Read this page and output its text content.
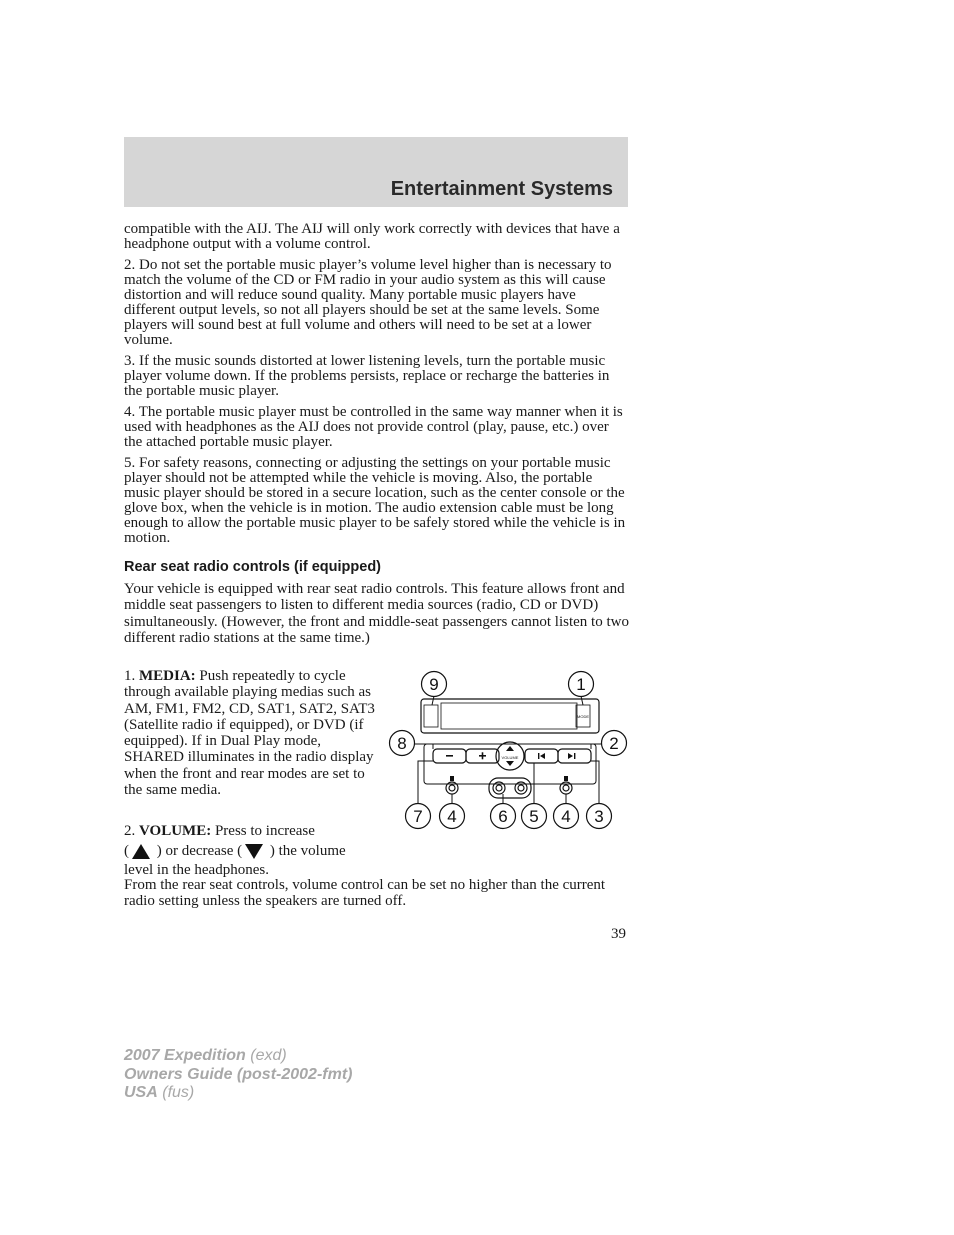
Entertainment Systems

compatible with the AIJ. The AIJ will only work correctly with devices that have a headphone output with a volume control.

2. Do not set the portable music player’s volume level higher than is necessary to match the volume of the CD or FM radio in your audio system as this will cause distortion and will reduce sound quality. Many portable music players have different output levels, so not all players should be set at the same levels. Some players will sound best at full volume and others will need to be set at a lower volume.

3. If the music sounds distorted at lower listening levels, turn the portable music player volume down. If the problems persists, replace or recharge the batteries in the portable music player.

4. The portable music player must be controlled in the same way manner when it is used with headphones as the AIJ does not provide control (play, pause, etc.) over the attached portable music player.

5. For safety reasons, connecting or adjusting the settings on your portable music player should not be attempted while the vehicle is moving. Also, the portable music player should be stored in a secure location, such as the center console or the glove box, when the vehicle is in motion. The audio extension cable must be long enough to allow the portable music player to be safely stored while the vehicle is in motion.

Rear seat radio controls (if equipped)

Your vehicle is equipped with rear seat radio controls. This feature allows front and middle seat passengers to listen to different media sources (radio, CD or DVD) simultaneously. (However, the front and middle-seat passengers cannot listen to two different radio stations at the same time.)

1. MEDIA: Push repeatedly to cycle through available playing medias such as AM, FM1, FM2, CD, SAT1, SAT2, SAT3 (Satellite radio if equipped), or DVD (if equipped). If in Dual Play mode, SHARED illuminates in the radio display when the front and rear modes are set to the same media.

2. VOLUME: Press to increase
( ) or decrease ( ) the volume
level in the headphones.

From the rear seat controls, volume control can be set no higher than the current radio setting unless the speakers are turned off.

VOLUME
MODE
9	1
8	2
7 4 6 5 4 3
39
2007 Expedition (exd)
Owners Guide (post-2002-fmt)
USA (fus)
